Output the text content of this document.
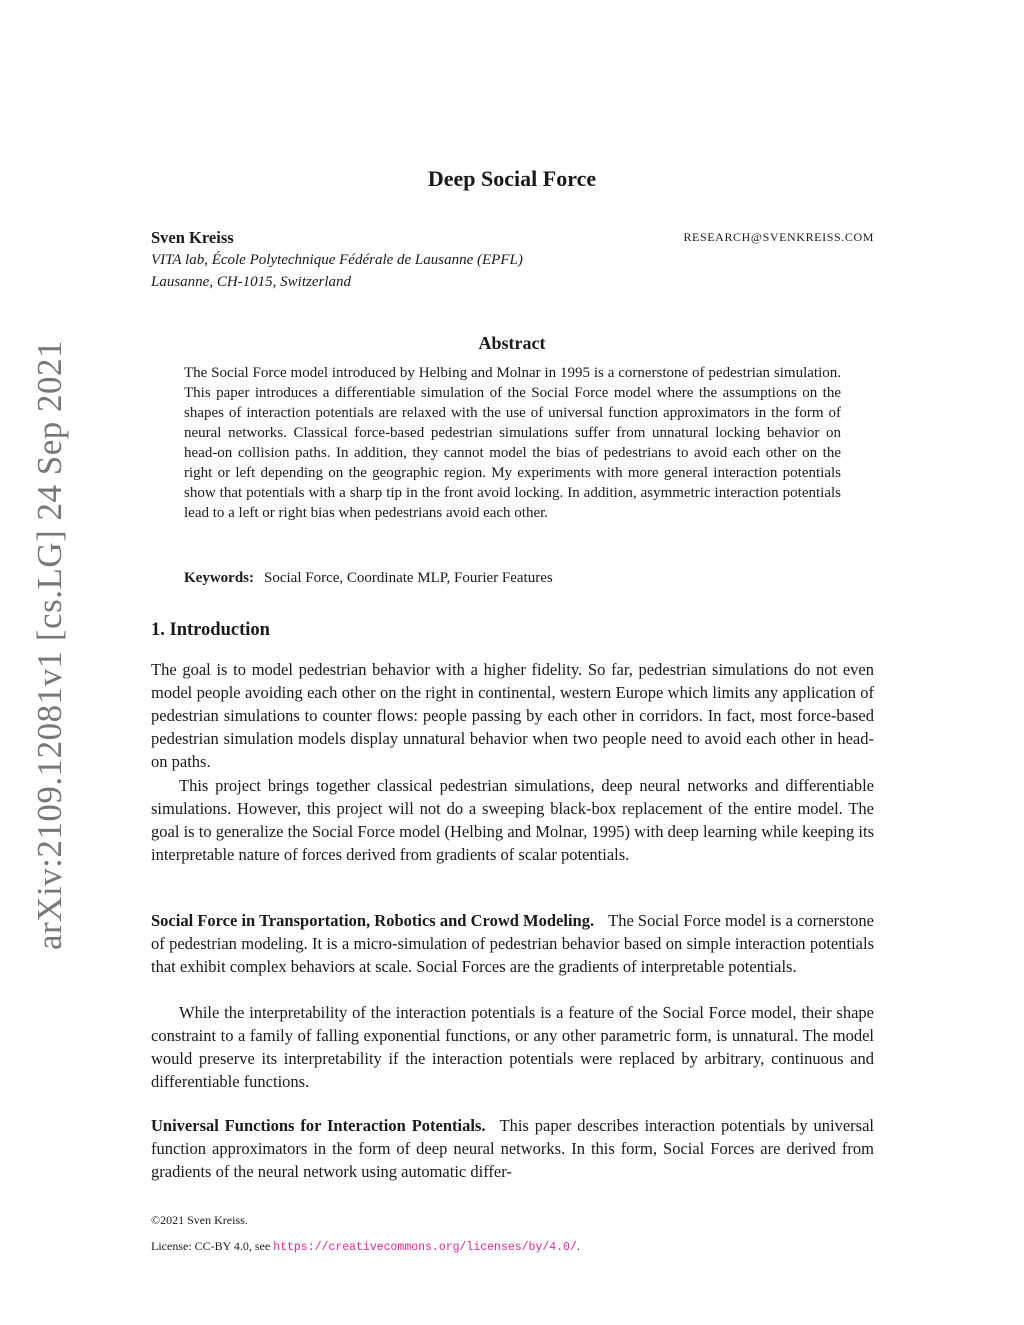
arXiv:2109.12081v1 [cs.LG] 24 Sep 2021
Deep Social Force
Sven Kreiss	RESEARCH@SVENKREISS.COM
VITA lab, École Polytechnique Fédérale de Lausanne (EPFL)
Lausanne, CH-1015, Switzerland
Abstract

The Social Force model introduced by Helbing and Molnar in 1995 is a cornerstone of pedestrian simulation. This paper introduces a differentiable simulation of the Social Force model where the assumptions on the shapes of interaction potentials are relaxed with the use of universal function approximators in the form of neural networks. Classical force-based pedestrian simulations suffer from unnatural locking behavior on head-on collision paths. In addition, they cannot model the bias of pedestrians to avoid each other on the right or left depending on the geographic region. My experiments with more general interaction potentials show that potentials with a sharp tip in the front avoid locking. In addition, asymmetric interaction potentials lead to a left or right bias when pedestrians avoid each other.

Keywords: Social Force, Coordinate MLP, Fourier Features
1. Introduction

The goal is to model pedestrian behavior with a higher fidelity. So far, pedestrian simulations do not even model people avoiding each other on the right in continental, western Europe which limits any application of pedestrian simulations to counter flows: people passing by each other in corridors. In fact, most force-based pedestrian simulation models display unnatural behavior when two people need to avoid each other in head-on paths.

This project brings together classical pedestrian simulations, deep neural networks and differentiable simulations. However, this project will not do a sweeping black-box replacement of the entire model. The goal is to generalize the Social Force model (Helbing and Molnar, 1995) with deep learning while keeping its interpretable nature of forces derived from gradients of scalar potentials.

Social Force in Transportation, Robotics and Crowd Modeling. The Social Force model is a cornerstone of pedestrian modeling. It is a micro-simulation of pedestrian behavior based on simple interaction potentials that exhibit complex behaviors at scale. Social Forces are the gradients of interpretable potentials.

While the interpretability of the interaction potentials is a feature of the Social Force model, their shape constraint to a family of falling exponential functions, or any other parametric form, is unnatural. The model would preserve its interpretability if the interaction potentials were replaced by arbitrary, continuous and differentiable functions.

Universal Functions for Interaction Potentials. This paper describes interaction potentials by universal function approximators in the form of deep neural networks. In this form, Social Forces are derived from gradients of the neural network using automatic differ-

©2021 Sven Kreiss.
License: CC-BY 4.0, see https://creativecommons.org/licenses/by/4.0/.
